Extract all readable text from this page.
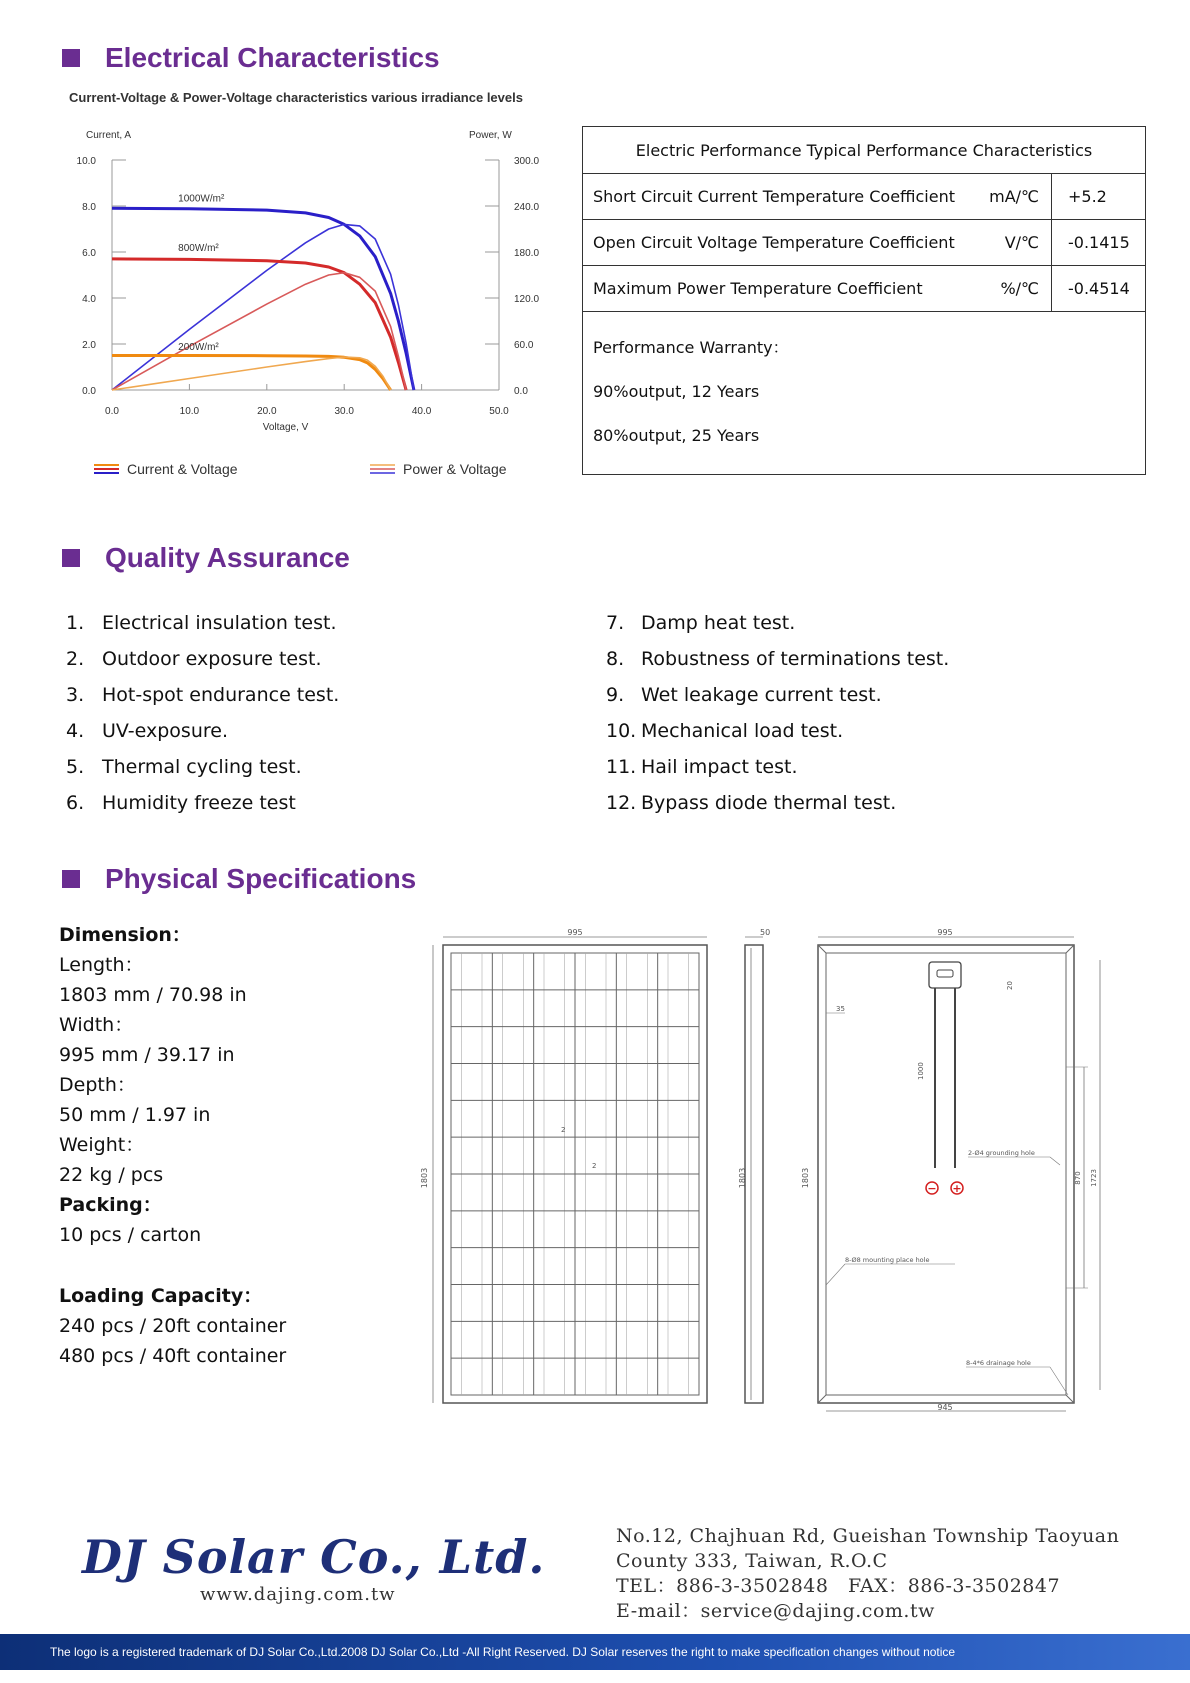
Electrical Characteristics
Current-Voltage & Power-Voltage characteristics various irradiance levels
0.0
2.0
4.0
6.0
8.0
10.0
0.0
60.0
120.0
180.0
240.0
300.0
0.0	10.0	20.0	30.0	40.0	50.0
Voltage, V
Current, A	Power, W
1000W/m²
800W/m²
200W/m²
Current & Voltage	Power & Voltage
Electric Performance Typical Performance Characteristics		
Short Circuit Current Temperature Coefficient	mA/℃	+5.2
Open Circuit Voltage Temperature Coefficient	V/℃	-0.1415
Maximum Power Temperature Coefficient	%/℃	-0.4514

Performance Warranty：
90%output, 12 Years
80%output, 25 Years		
Quality Assurance
1. Electrical insulation test.
2. Outdoor exposure test.
3. Hot-spot endurance test.
4. UV-exposure.
5. Thermal cycling test.
6. Humidity freeze test
7. Damp heat test.
8. Robustness of terminations test.
9. Wet leakage current test.
10. Mechanical load test.
11. Hail impact test.
12. Bypass diode thermal test.
Physical Specifications
Dimension：
Length：
1803 mm / 70.98 in
Width：
995 mm / 39.17 in
Depth：
50 mm / 1.97 in
Weight：
22 kg / pcs
Packing：
10 pcs / carton
Loading Capacity：
240 pcs / 20ft container
480 pcs / 40ft container
995
1803
2
2
50
1803
995
1803
945
35
20
1000
− +
870 1723
2-Ø4 grounding hole
8-Ø8 mounting place hole
8-4*6 drainage hole
DJ Solar Co., Ltd.
www.dajing.com.tw
No.12, Chajhuan Rd, Gueishan Township Taoyuan
County 333, Taiwan, R.O.C
TEL：886-3-3502848　FAX：886-3-3502847
E-mail：service@dajing.com.tw
The logo is a registered trademark of DJ Solar Co.,Ltd.2008 DJ Solar Co.,Ltd -All Right Reserved. DJ Solar reserves the right to make specification changes without notice
